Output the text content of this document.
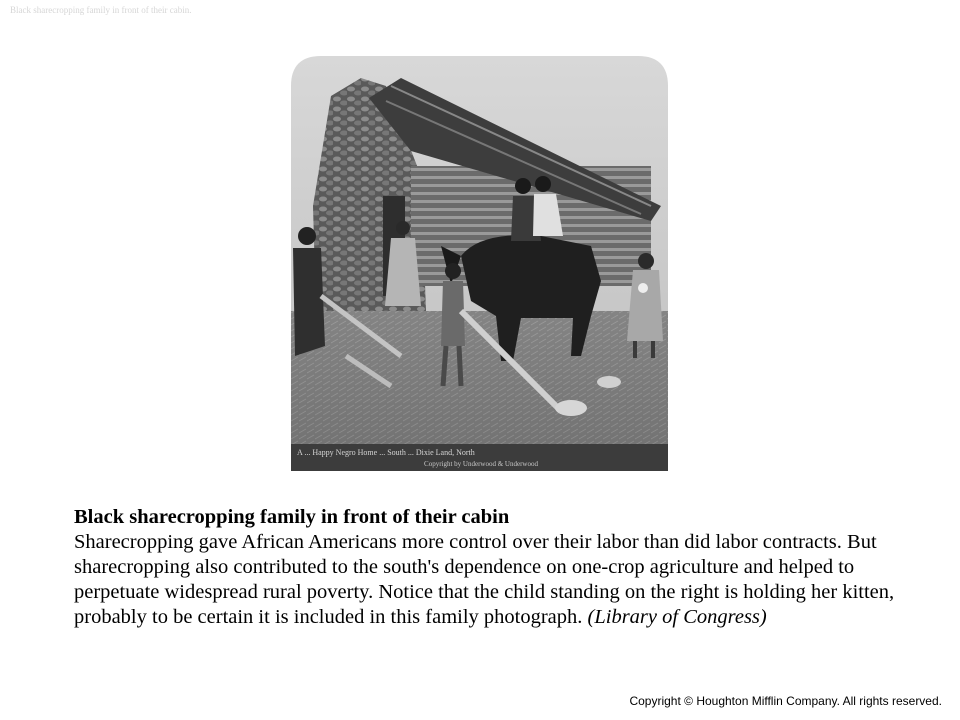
Black sharecropping family in front of their cabin.
A ... Happy Negro Home ... South ... Dixie Land, North
Copyright by Underwood & Underwood
Black sharecropping family in front of their cabin
Sharecropping gave African Americans more control over their labor than did labor contracts. But sharecropping also contributed to the south's dependence on one-crop agriculture and helped to perpetuate widespread rural poverty. Notice that the child standing on the right is holding her kitten, probably to be certain it is included in this family photograph. (Library of Congress)
Copyright © Houghton Mifflin Company. All rights reserved.
